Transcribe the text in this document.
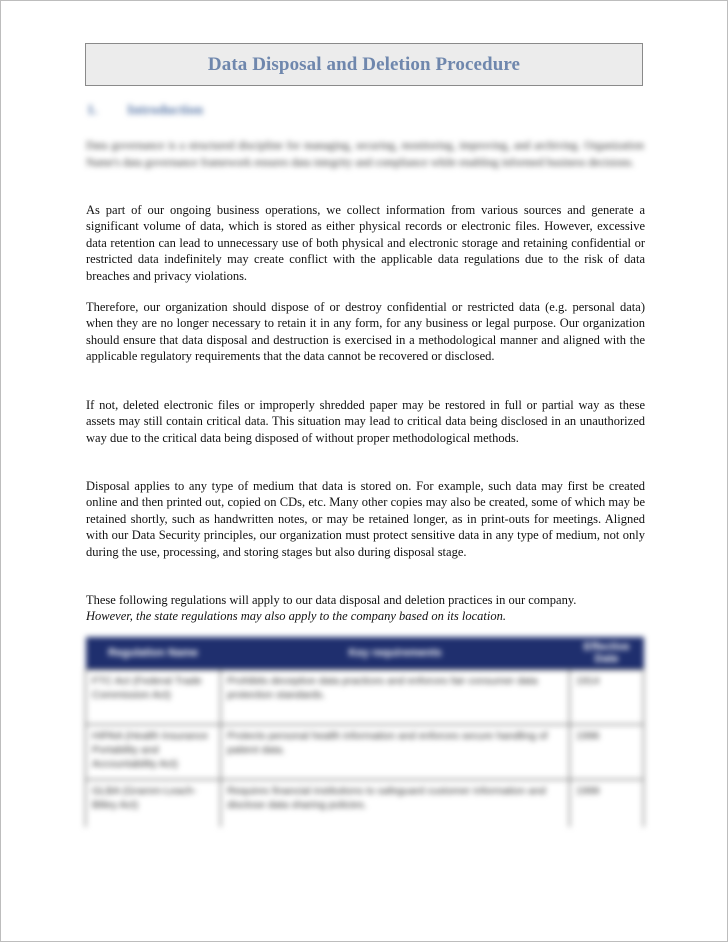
Data Disposal and Deletion Procedure
1. Introduction
Data governance is a structured discipline for managing, securing, monitoring, improving, and archiving. Organization Name's data governance framework ensures data integrity and compliance while enabling informed business decisions.
As part of our ongoing business operations, we collect information from various sources and generate a significant volume of data, which is stored as either physical records or electronic files. However, excessive data retention can lead to unnecessary use of both physical and electronic storage and retaining confidential or restricted data indefinitely may create conflict with the applicable data regulations due to the risk of data breaches and privacy violations.
Therefore, our organization should dispose of or destroy confidential or restricted data (e.g. personal data) when they are no longer necessary to retain it in any form, for any business or legal purpose. Our organization should ensure that data disposal and destruction is exercised in a methodological manner and aligned with the applicable regulatory requirements that the data cannot be recovered or disclosed.
If not, deleted electronic files or improperly shredded paper may be restored in full or partial way as these assets may still contain critical data. This situation may lead to critical data being disclosed in an unauthorized way due to the critical data being disposed of without proper methodological methods.
Disposal applies to any type of medium that data is stored on. For example, such data may first be created online and then printed out, copied on CDs, etc. Many other copies may also be created, some of which may be retained shortly, such as handwritten notes, or may be retained longer, as in print-outs for meetings. Aligned with our Data Security principles, our organization must protect sensitive data in any type of medium, not only during the use, processing, and storing stages but also during disposal stage.
These following regulations will apply to our data disposal and deletion practices in our company.
However, the state regulations may also apply to the company based on its location.
Regulation Name	Key requirements	Effective Date
FTC Act (Federal Trade Commission Act)	Prohibits deceptive data practices and enforces fair consumer data protection standards.	1914
HIPAA (Health Insurance Portability and Accountability Act)	Protects personal health information and enforces secure handling of patient data.	1996
GLBA (Gramm-Leach-Bliley Act)	Requires financial institutions to safeguard customer information and disclose data sharing policies.	1999
